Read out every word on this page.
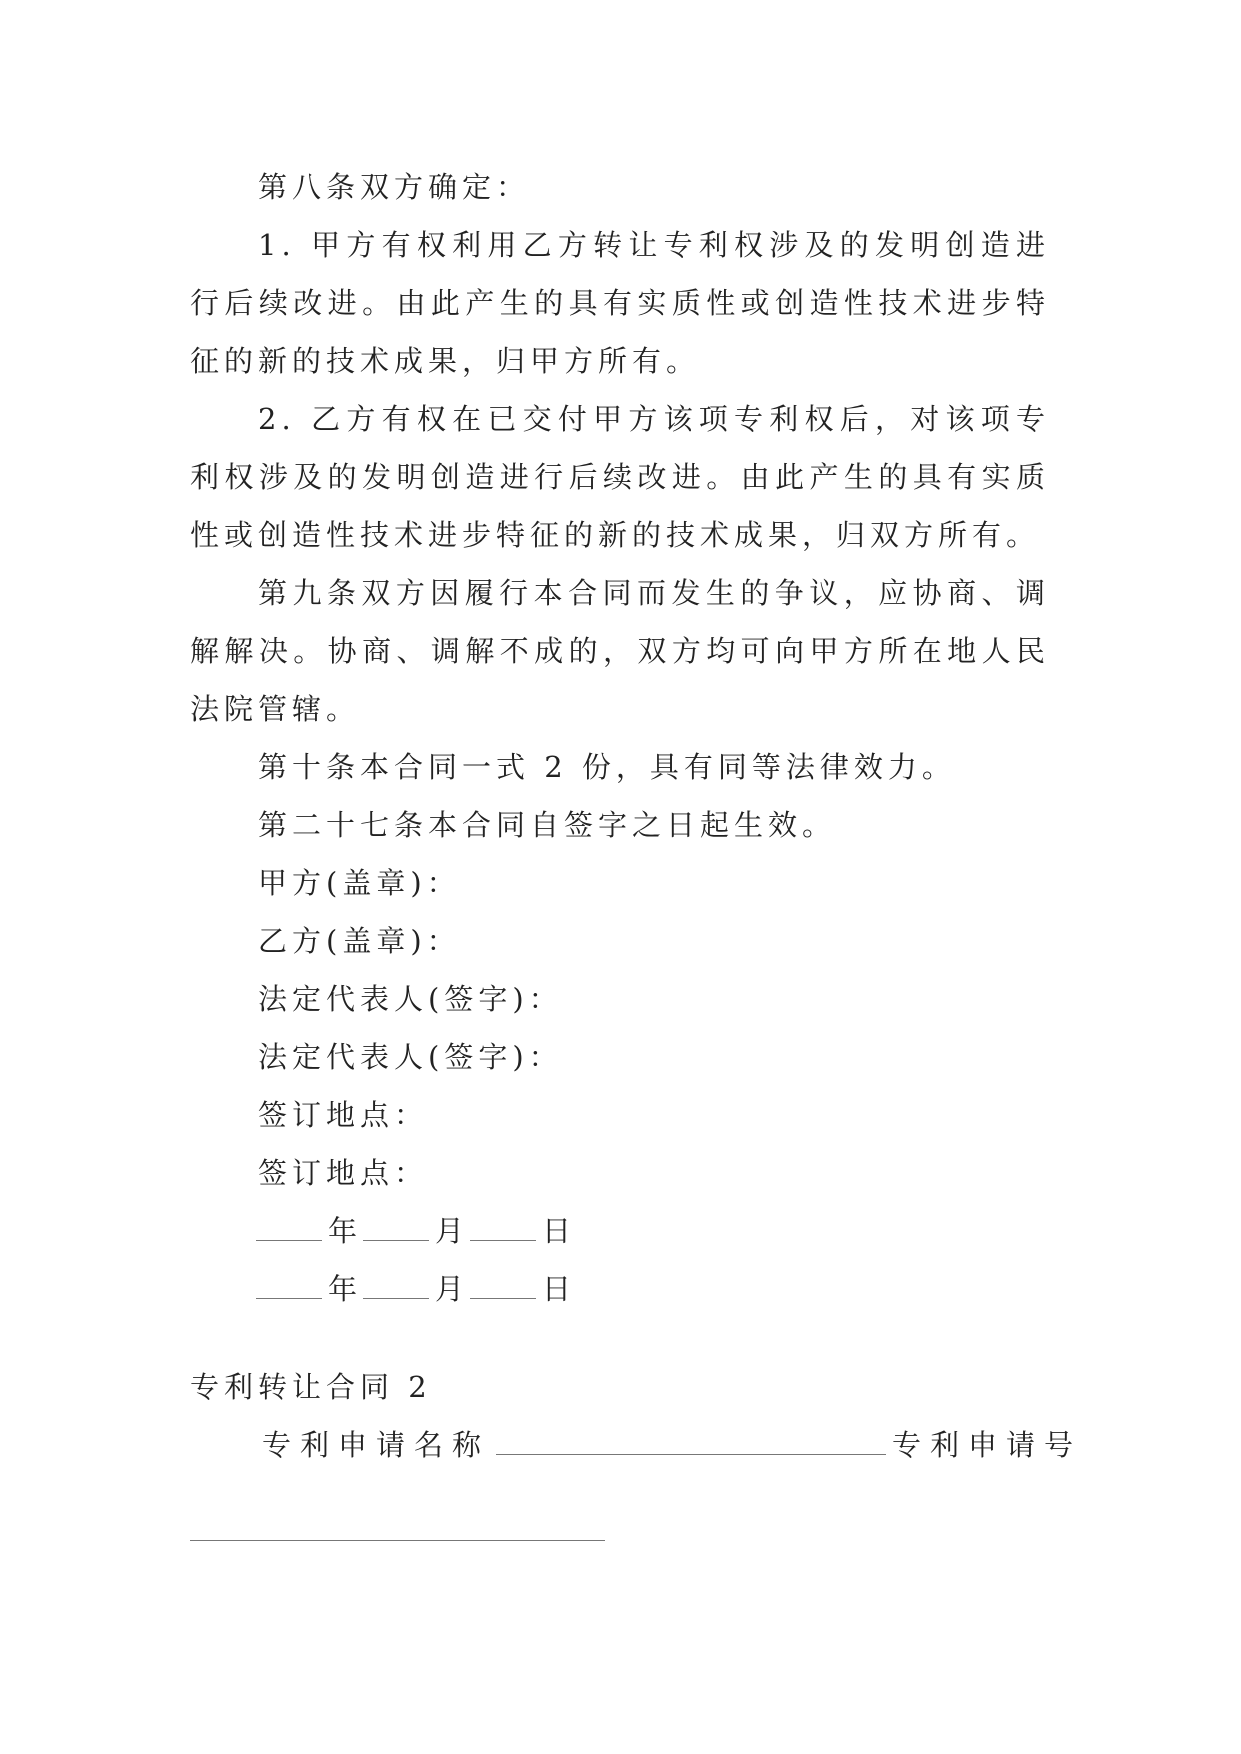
第八条双方确定：

1. 甲方有权利用乙方转让专利权涉及的发明创造进行后续改进。由此产生的具有实质性或创造性技术进步特征的新的技术成果，归甲方所有。

2. 乙方有权在已交付甲方该项专利权后，对该项专利权涉及的发明创造进行后续改进。由此产生的具有实质性或创造性技术进步特征的新的技术成果，归双方所有。

第九条双方因履行本合同而发生的争议，应协商、调解解决。协商、调解不成的，双方均可向甲方所在地人民法院管辖。

第十条本合同一式 2 份，具有同等法律效力。

第二十七条本合同自签字之日起生效。

甲方(盖章)：

乙方(盖章)：

法定代表人(签字)：

法定代表人(签字)：

签订地点：

签订地点：

年	月	日

年	月	日

专利转让合同 2

专利申请名称	专利申请号
